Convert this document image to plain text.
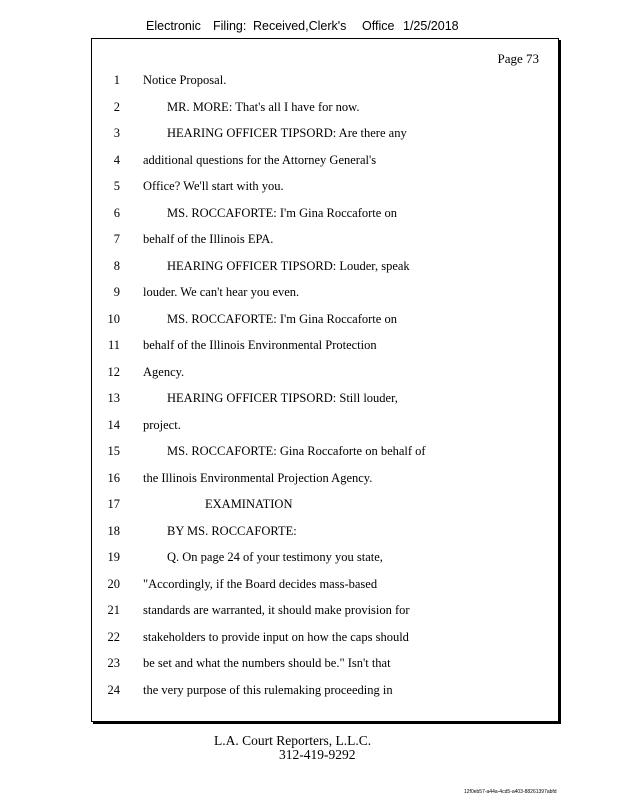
Electronic Filing: Received,Clerk's Office 1/25/2018
Page 73
1 Notice Proposal.
2	MR. MORE: That's all I have for now.
3	HEARING OFFICER TIPSORD: Are there any
4 additional questions for the Attorney General's
5 Office? We'll start with you.
6	MS. ROCCAFORTE: I'm Gina Roccaforte on
7 behalf of the Illinois EPA.
8	HEARING OFFICER TIPSORD: Louder, speak
9 louder. We can't hear you even.
10	MS. ROCCAFORTE: I'm Gina Roccaforte on
11 behalf of the Illinois Environmental Protection
12 Agency.
13	HEARING OFFICER TIPSORD: Still louder,
14 project.
15	MS. ROCCAFORTE: Gina Roccaforte on behalf of
16 the Illinois Environmental Projection Agency.
17	EXAMINATION
18	BY MS. ROCCAFORTE:
19	Q. On page 24 of your testimony you state,
20 "Accordingly, if the Board decides mass-based
21 standards are warranted, it should make provision for
22 stakeholders to provide input on how the caps should
23 be set and what the numbers should be." Isn't that
24 the very purpose of this rulemaking proceeding in
L.A. Court Reporters, L.L.C.
312-419-9292
12f0eb57-a44a-4cd5-a403-88261397abfd
